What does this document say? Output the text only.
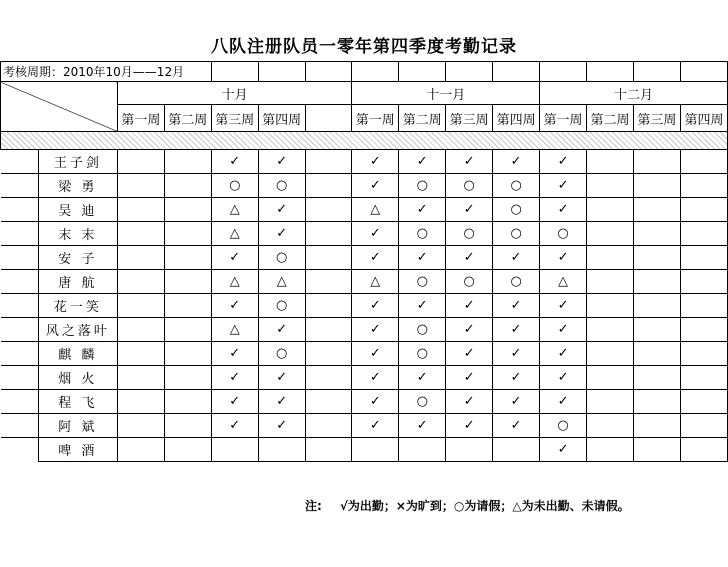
八队注册队员一零年第四季度考勤记录
考核周期：2010年10月——12月														
		十月					十一月				十二月			
		第一周	第二周	第三周	第四周		第一周	第二周	第三周	第四周	第一周	第二周	第三周	第四周

	王子剑			✓	✓		✓	✓	✓	✓	✓			
	梁 勇			○	○		✓	○	○	○	✓			
	吴 迪			△	✓		△	✓	✓	○	✓			
	末 末			△	✓		✓	○	○	○	○			
	安 子			✓	○		✓	✓	✓	✓	✓			
	唐 航			△	△		△	○	○	○	△			
	花一笑			✓	○		✓	✓	✓	✓	✓			
	风之落叶			△	✓		✓	○	✓	✓	✓			
	麒 麟			✓	○		✓	○	✓	✓	✓			
	烟 火			✓	✓		✓	✓	✓	✓	✓			
	程 飞			✓	✓		✓	○	✓	✓	✓			
	阿 斌			✓	✓		✓	✓	✓	✓	○			
	啤 酒										✓			
注: √为出勤；×为旷到；○为请假；△为未出勤、未请假。
